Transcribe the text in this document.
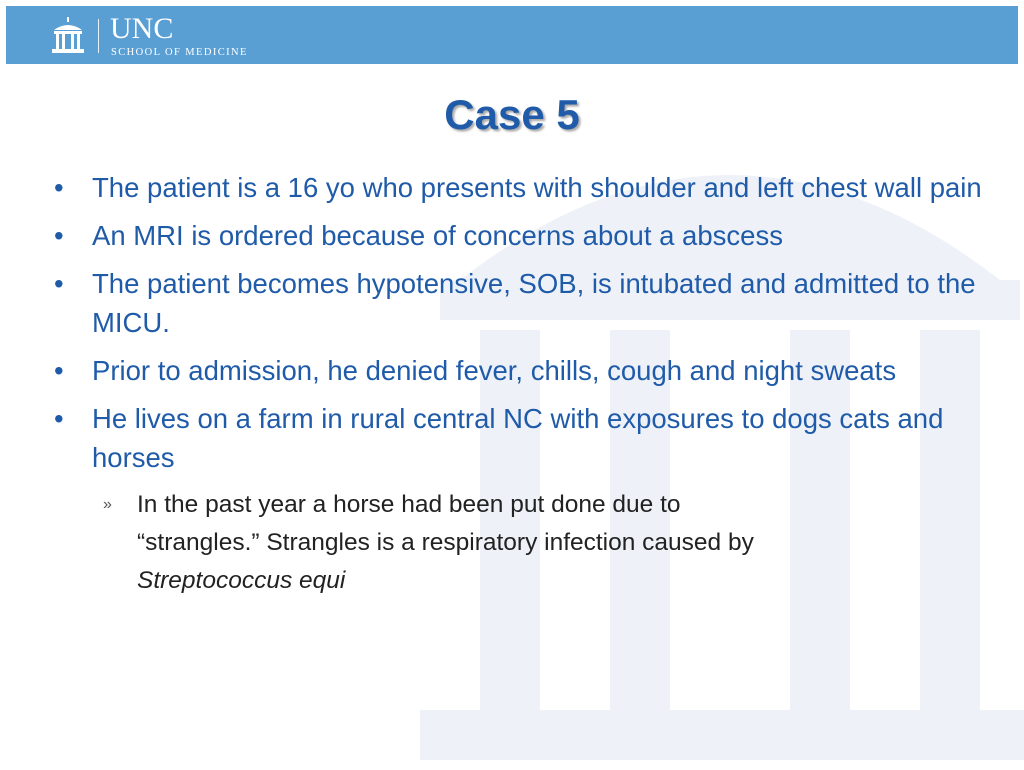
UNC
SCHOOL OF MEDICINE
Case 5
• The patient is a 16 yo who presents with shoulder and left chest wall pain
• An MRI is ordered because of concerns about a abscess
• The patient becomes hypotensive, SOB, is intubated and admitted to the MICU.
• Prior to admission, he denied fever, chills, cough and night sweats
• He lives on a farm in rural central NC with exposures to dogs cats and horses
» In the past year a horse had been put done due to
“strangles.” Strangles is a respiratory infection caused by
Streptococcus equi
